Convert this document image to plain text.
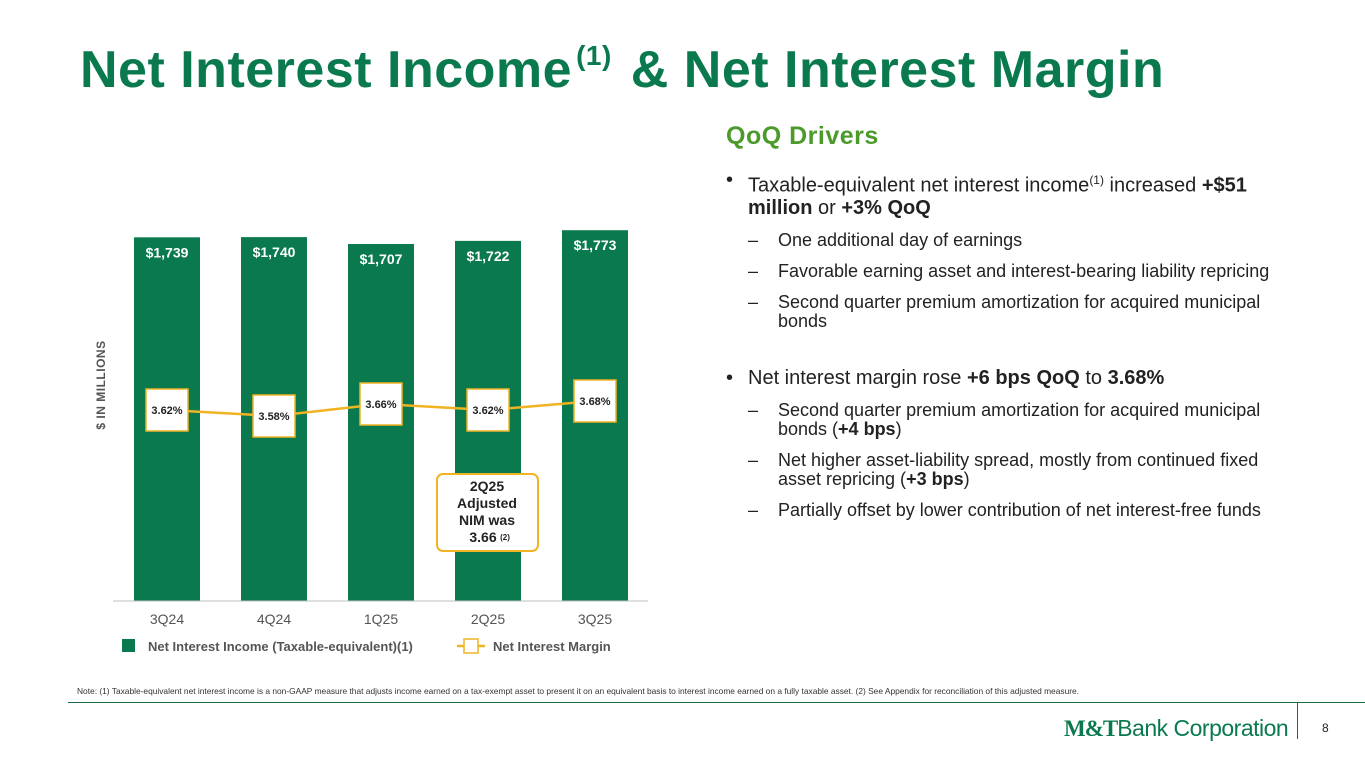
Net Interest Income $^{(1)}$ & Net Interest Margin
$1,739	$1,740	$1,707	$1,722
$1,773
3Q24	4Q24	1Q25	2Q25	3Q25
$ IN MILLIONS	3.62%	3.58%
3.66%	3.62%
3.68%
2Q25
Adjusted
NIM was
3.66 (2)
Net Interest Income (Taxable-equivalent)(1)	Net Interest Margin
QoQ Drivers
• Taxable-equivalent net interest income$^{(1)}$ increased +$51 million or +3% QoQ
– One additional day of earnings
– Favorable earning asset and interest-bearing liability repricing
– Second quarter premium amortization for acquired municipal bonds
• Net interest margin rose +6 bps QoQ to 3.68%
– Second quarter premium amortization for acquired municipal bonds (+4 bps)
– Net higher asset-liability spread, mostly from continued fixed asset repricing (+3 bps)
– Partially offset by lower contribution of net interest-free funds
Note: (1) Taxable-equivalent net interest income is a non-GAAP measure that adjusts income earned on a tax-exempt asset to present it on an equivalent basis to interest income earned on a fully taxable asset. (2) See Appendix for reconciliation of this adjusted measure.
M&TBank Corporation	8
